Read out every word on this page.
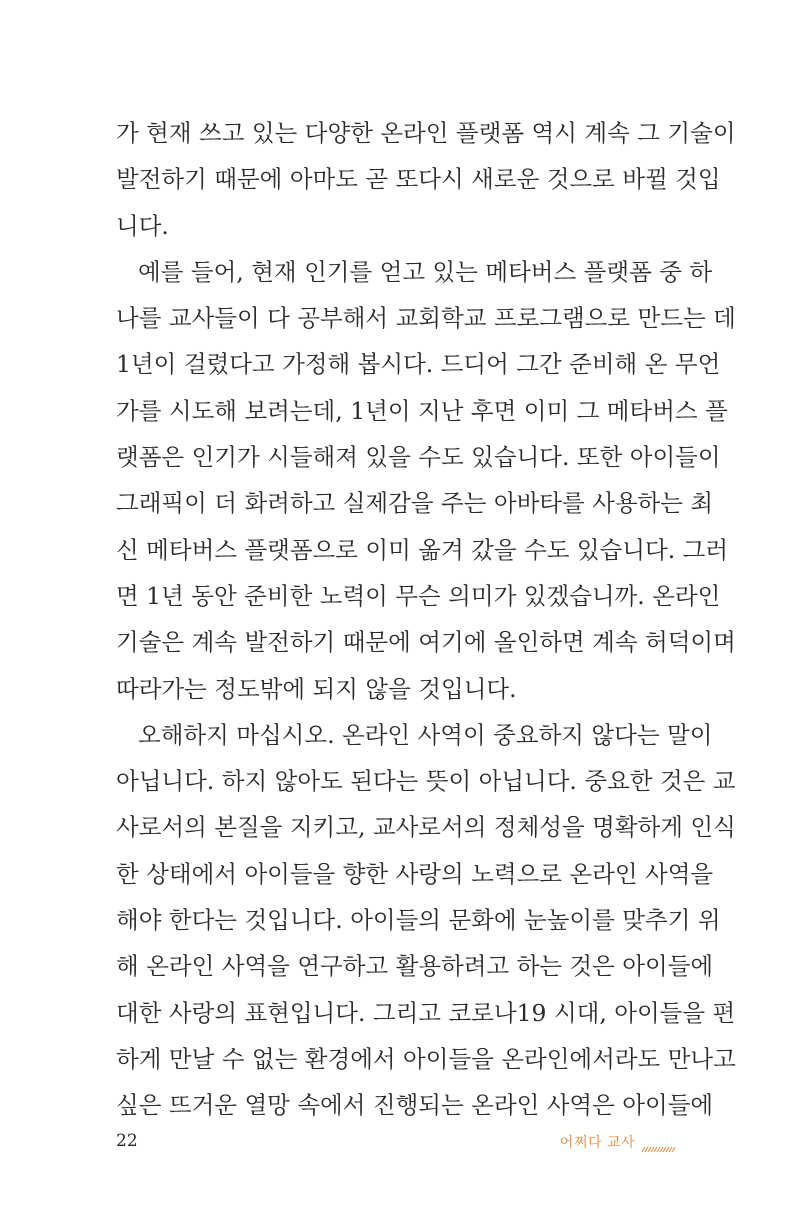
가 현재 쓰고 있는 다양한 온라인 플랫폼 역시 계속 그 기술이
발전하기 때문에 아마도 곧 또다시 새로운 것으로 바뀔 것입
니다.
예를 들어, 현재 인기를 얻고 있는 메타버스 플랫폼 중 하
나를 교사들이 다 공부해서 교회학교 프로그램으로 만드는 데
1년이 걸렸다고 가정해 봅시다. 드디어 그간 준비해 온 무언
가를 시도해 보려는데, 1년이 지난 후면 이미 그 메타버스 플
랫폼은 인기가 시들해져 있을 수도 있습니다. 또한 아이들이
그래픽이 더 화려하고 실제감을 주는 아바타를 사용하는 최
신 메타버스 플랫폼으로 이미 옮겨 갔을 수도 있습니다. 그러
면 1년 동안 준비한 노력이 무슨 의미가 있겠습니까. 온라인
기술은 계속 발전하기 때문에 여기에 올인하면 계속 허덕이며
따라가는 정도밖에 되지 않을 것입니다.
오해하지 마십시오. 온라인 사역이 중요하지 않다는 말이
아닙니다. 하지 않아도 된다는 뜻이 아닙니다. 중요한 것은 교
사로서의 본질을 지키고, 교사로서의 정체성을 명확하게 인식
한 상태에서 아이들을 향한 사랑의 노력으로 온라인 사역을
해야 한다는 것입니다. 아이들의 문화에 눈높이를 맞추기 위
해 온라인 사역을 연구하고 활용하려고 하는 것은 아이들에
대한 사랑의 표현입니다. 그리고 코로나19 시대, 아이들을 편
하게 만날 수 없는 환경에서 아이들을 온라인에서라도 만나고
싶은 뜨거운 열망 속에서 진행되는 온라인 사역은 아이들에
22	어쩌다 교사
